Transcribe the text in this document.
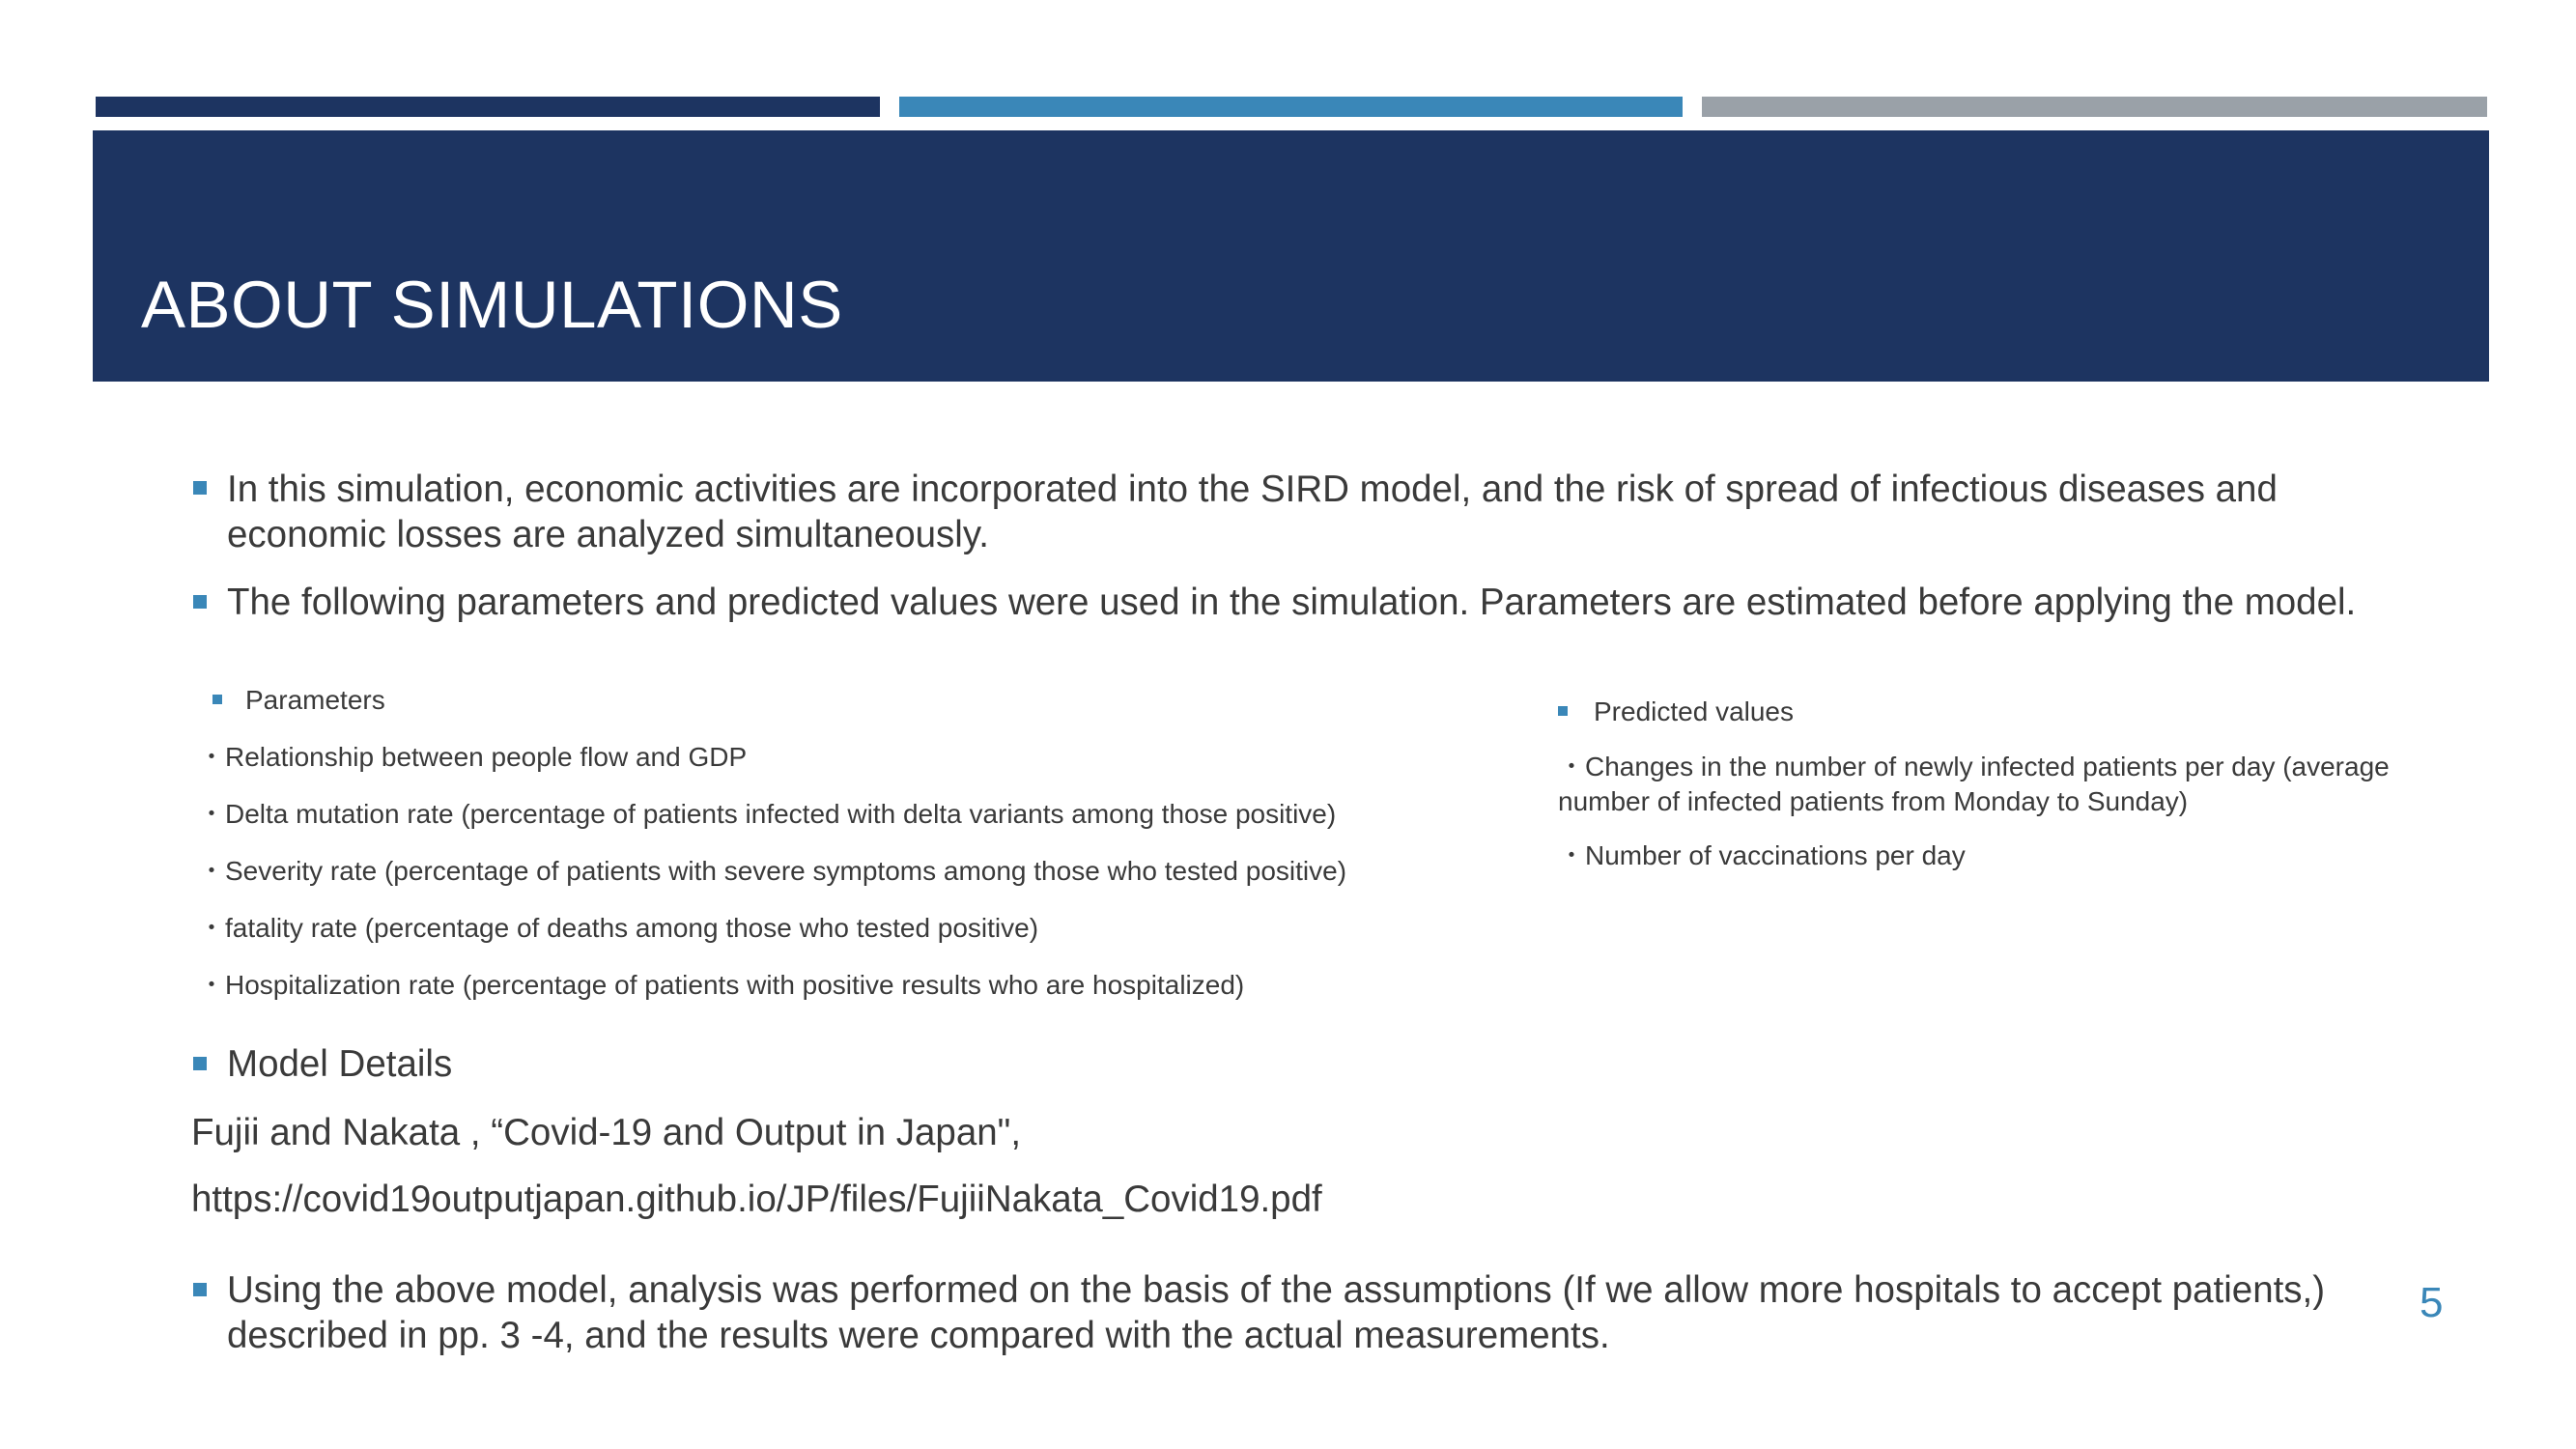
ABOUT SIMULATIONS
In this simulation, economic activities are incorporated into the SIRD model, and the risk of spread of infectious diseases and
economic losses are analyzed simultaneously.
The following parameters and predicted values were used in the simulation. Parameters are estimated before applying the model.
Parameters
・Relationship between people flow and GDP
・Delta mutation rate (percentage of patients infected with delta variants among those positive)
・Severity rate (percentage of patients with severe symptoms among those who tested positive)
・fatality rate (percentage of deaths among those who tested positive)
・Hospitalization rate (percentage of patients with positive results who are hospitalized)
Predicted values
・Changes in the number of newly infected patients per day (average
number of infected patients from Monday to Sunday)
・Number of vaccinations per day
Model Details
Fujii and Nakata , “Covid-19 and Output in Japan",
https://covid19outputjapan.github.io/JP/files/FujiiNakata_Covid19.pdf
Using the above model, analysis was performed on the basis of the assumptions (If we allow more hospitals to accept patients,)
described in pp. 3 -4, and the results were compared with the actual measurements.
5
